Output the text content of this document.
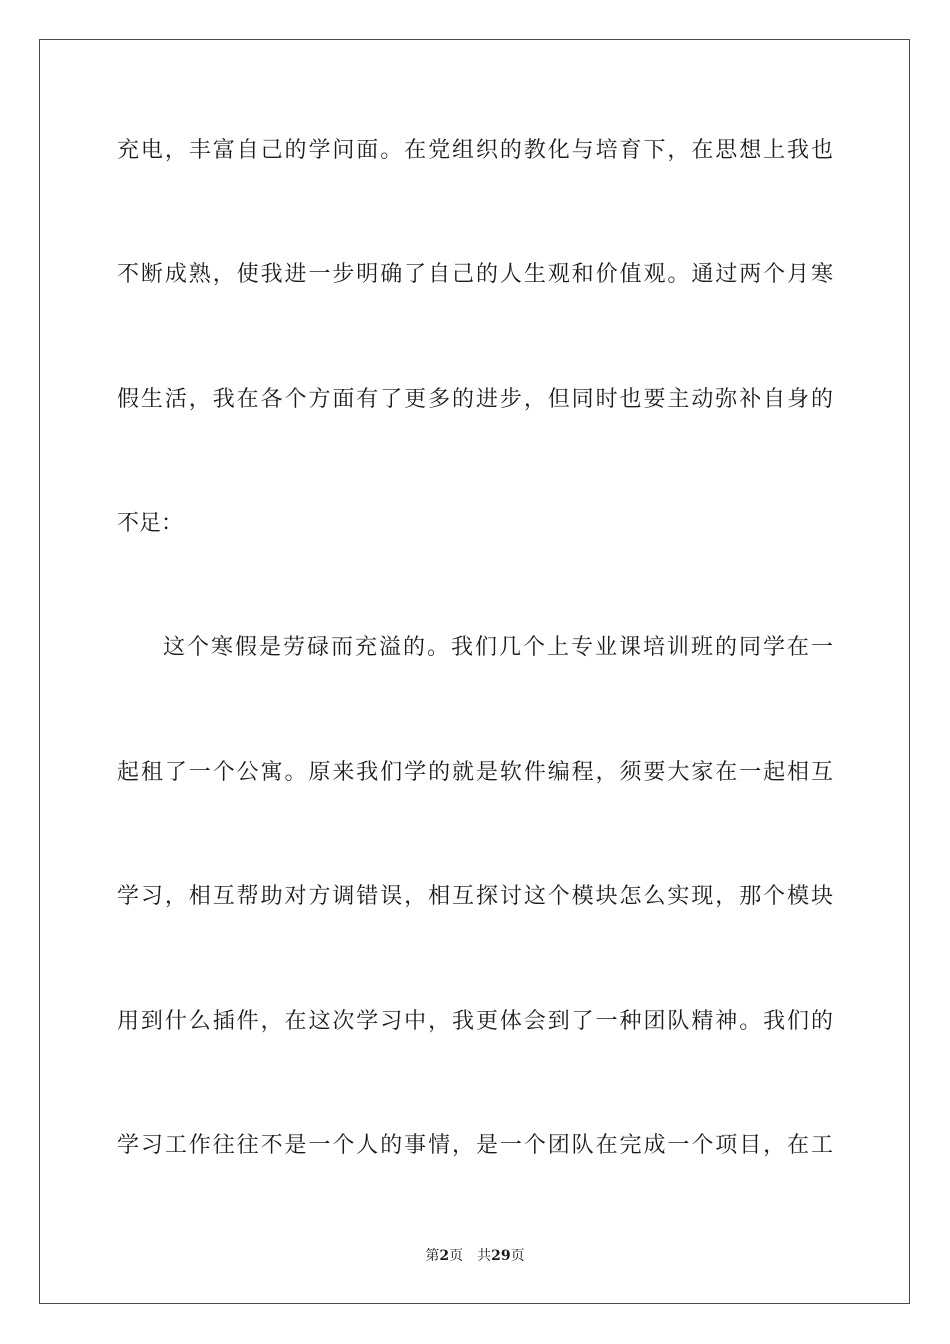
充电，丰富自己的学问面。在党组织的教化与培育下，在思想上我也
不断成熟，使我进一步明确了自己的人生观和价值观。通过两个月寒
假生活，我在各个方面有了更多的进步，但同时也要主动弥补自身的
不足：
这个寒假是劳碌而充溢的。我们几个上专业课培训班的同学在一
起租了一个公寓。原来我们学的就是软件编程，须要大家在一起相互
学习，相互帮助对方调错误，相互探讨这个模块怎么实现，那个模块
用到什么插件，在这次学习中，我更体会到了一种团队精神。我们的
学习工作往往不是一个人的事情，是一个团队在完成一个项目，在工
第2页 共29页
